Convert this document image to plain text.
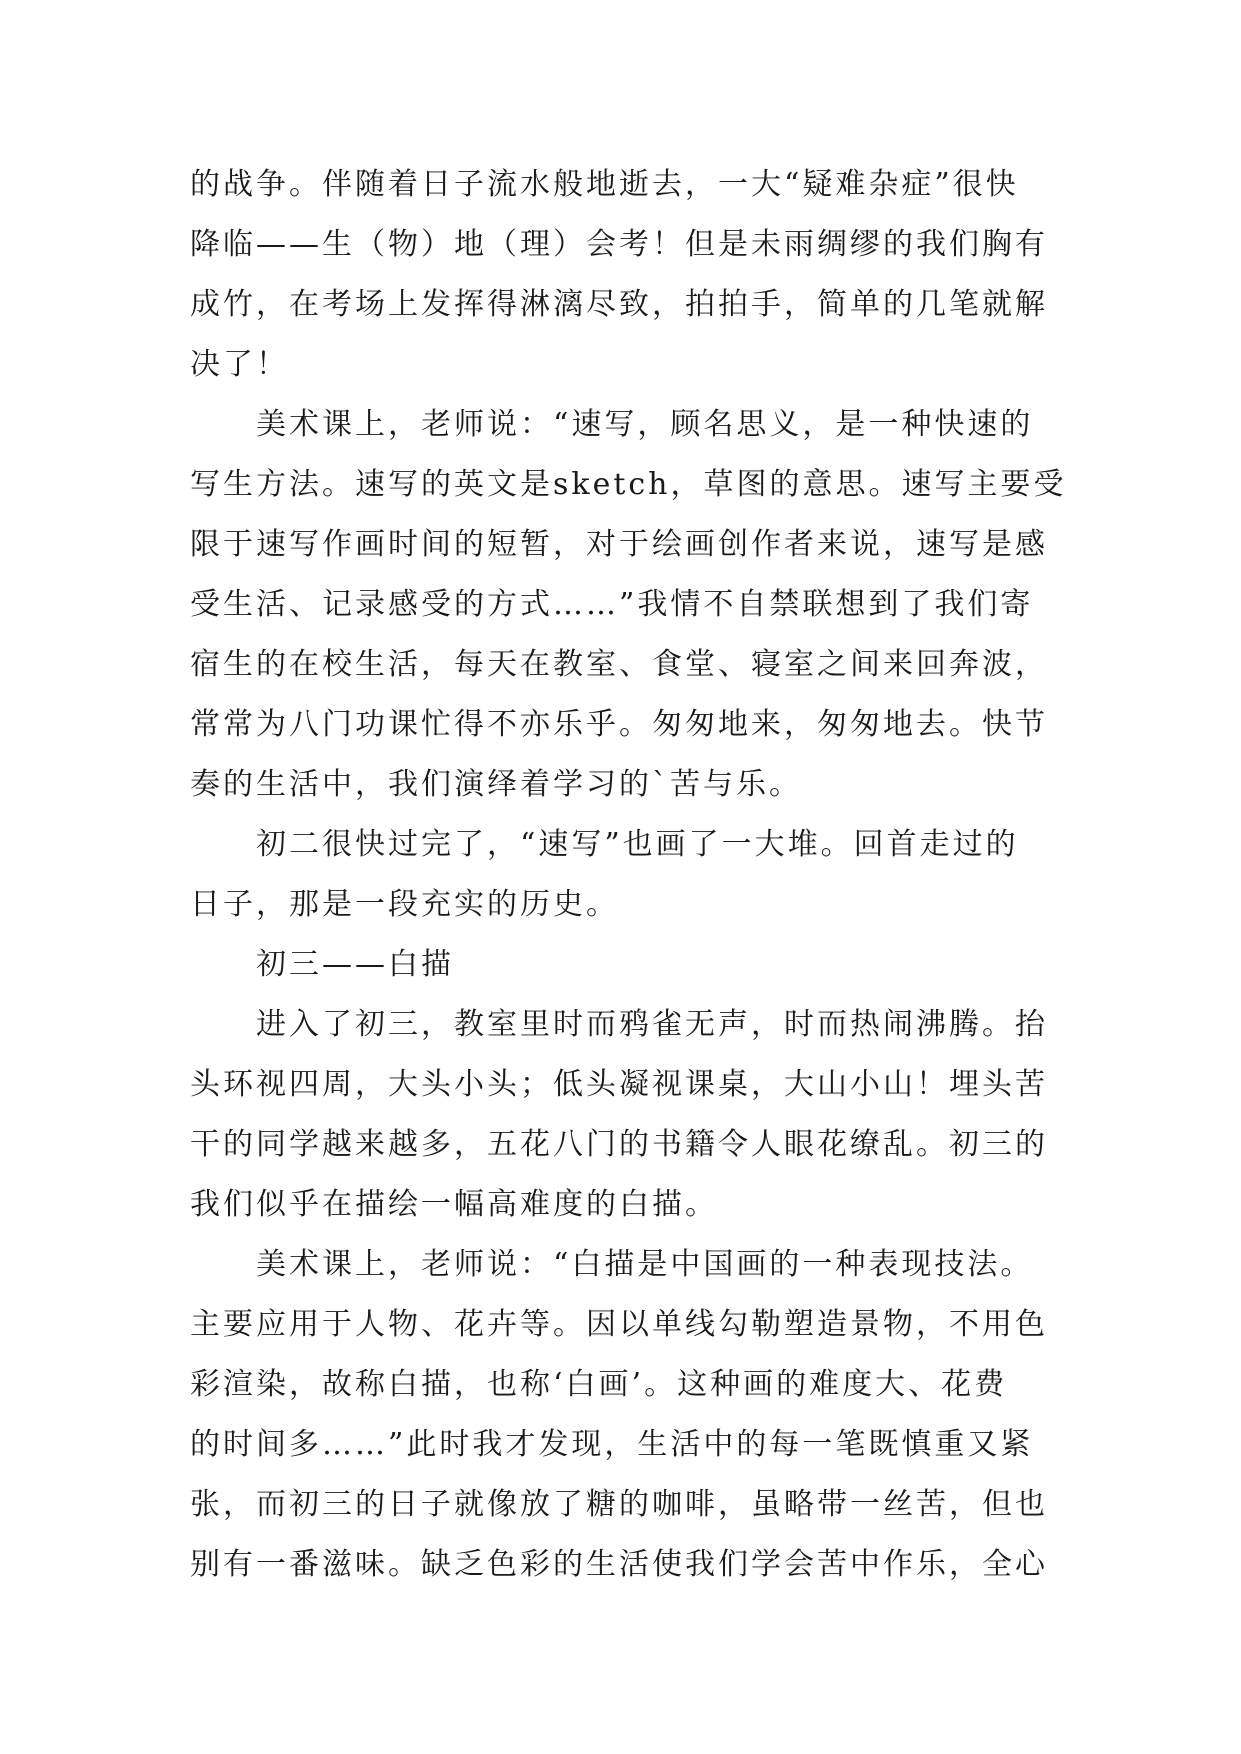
的战争。伴随着日子流水般地逝去，一大“疑难杂症”很快
降临——生（物）地（理）会考！但是未雨绸缪的我们胸有
成竹，在考场上发挥得淋漓尽致，拍拍手，简单的几笔就解
决了！
美术课上，老师说：“速写，顾名思义，是一种快速的
写生方法。速写的英文是sketch，草图的意思。速写主要受
限于速写作画时间的短暂，对于绘画创作者来说，速写是感
受生活、记录感受的方式……”我情不自禁联想到了我们寄
宿生的在校生活，每天在教室、食堂、寝室之间来回奔波，
常常为八门功课忙得不亦乐乎。匆匆地来，匆匆地去。快节
奏的生活中，我们演绎着学习的`苦与乐。
初二很快过完了，“速写”也画了一大堆。回首走过的
日子，那是一段充实的历史。
初三——白描
进入了初三，教室里时而鸦雀无声，时而热闹沸腾。抬
头环视四周，大头小头；低头凝视课桌，大山小山！埋头苦
干的同学越来越多，五花八门的书籍令人眼花缭乱。初三的
我们似乎在描绘一幅高难度的白描。
美术课上，老师说：“白描是中国画的一种表现技法。
主要应用于人物、花卉等。因以单线勾勒塑造景物，不用色
彩渲染，故称白描，也称‘白画’。这种画的难度大、花费
的时间多……”此时我才发现，生活中的每一笔既慎重又紧
张，而初三的日子就像放了糖的咖啡，虽略带一丝苦，但也
别有一番滋味。缺乏色彩的生活使我们学会苦中作乐，全心
